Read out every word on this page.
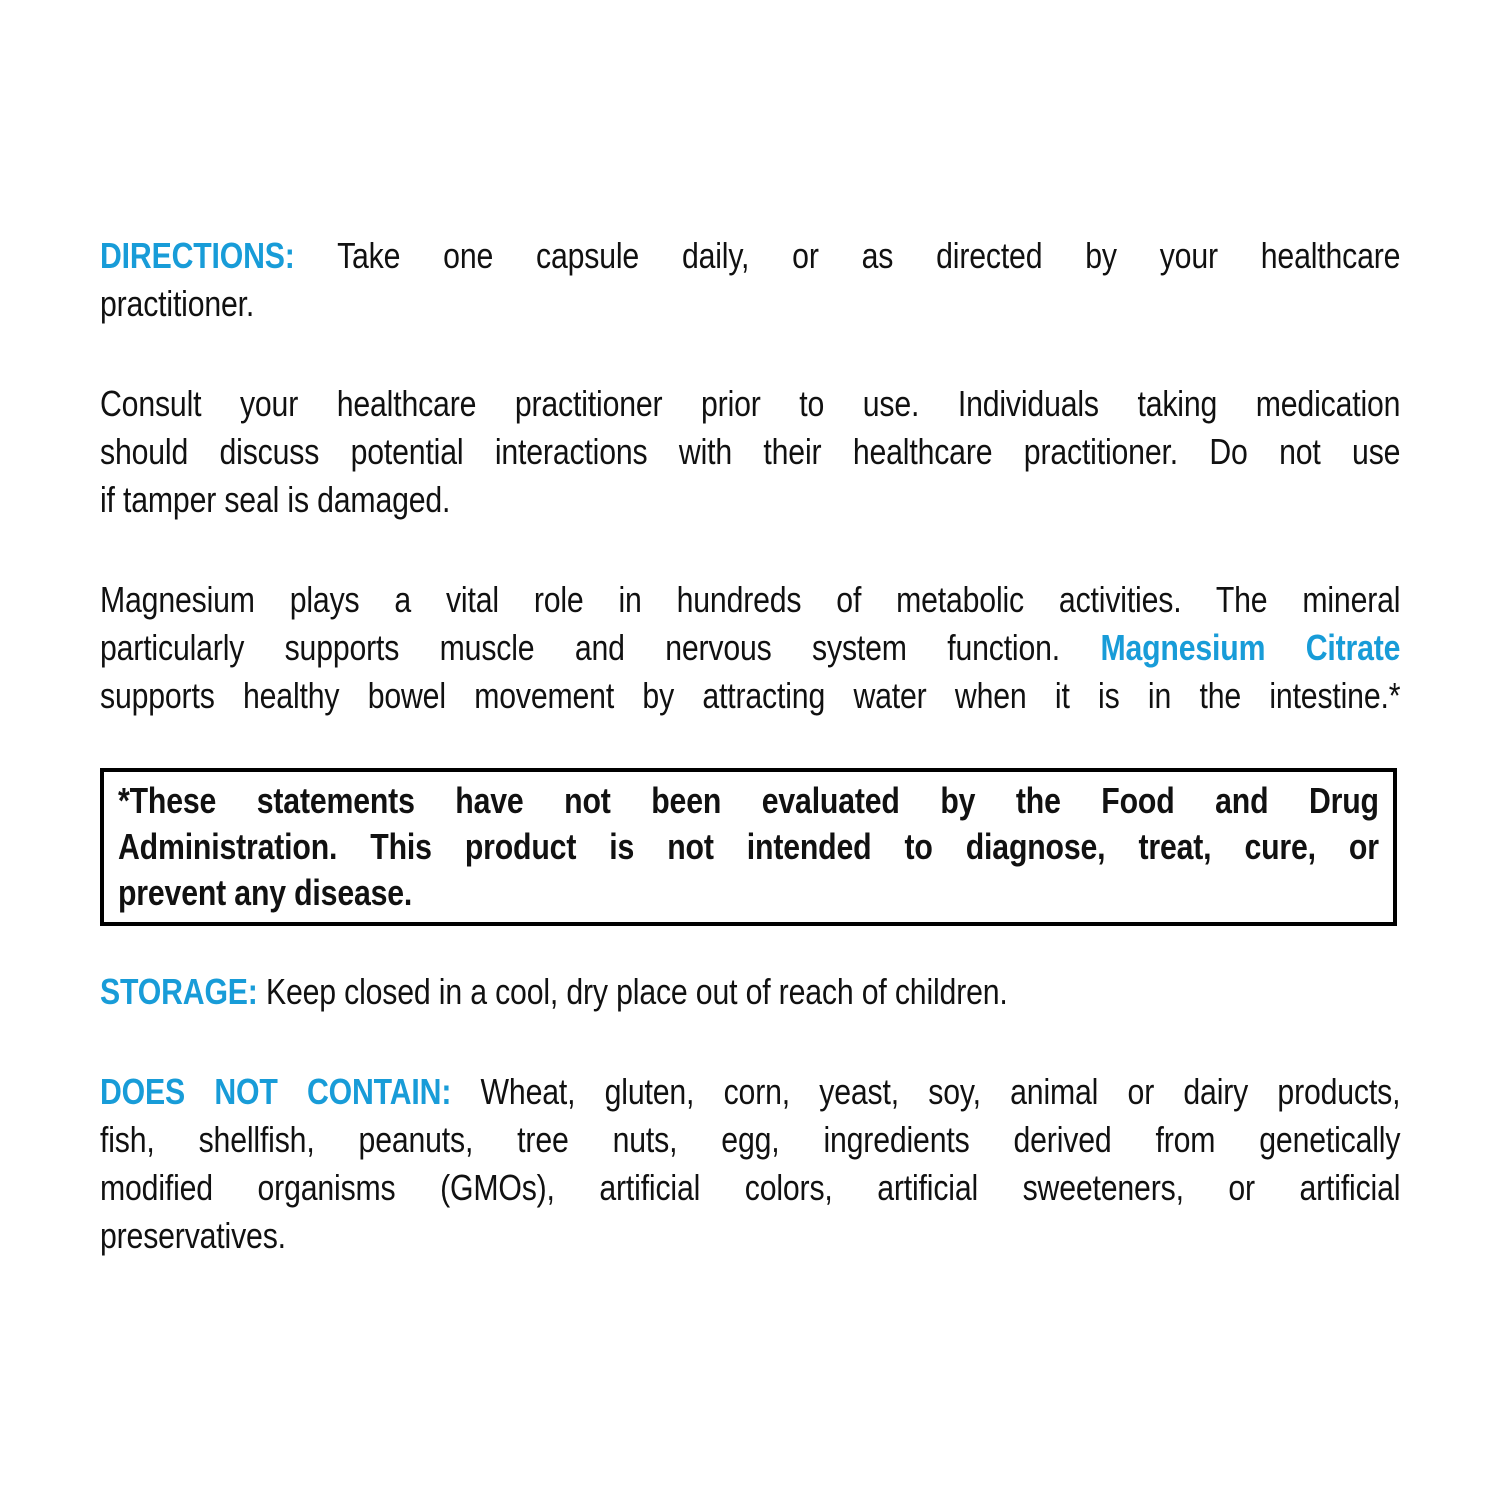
DIRECTIONS: Take one capsule daily, or as directed by your healthcare
practitioner.
Consult your healthcare practitioner prior to use. Individuals taking medication
should discuss potential interactions with their healthcare practitioner. Do not use
if tamper seal is damaged.
Magnesium plays a vital role in hundreds of metabolic activities. The mineral
particularly supports muscle and nervous system function. Magnesium Citrate
supports healthy bowel movement by attracting water when it is in the intestine.*
*These statements have not been evaluated by the Food and Drug
Administration. This product is not intended to diagnose, treat, cure, or
prevent any disease.
STORAGE: Keep closed in a cool, dry place out of reach of children.
DOES NOT CONTAIN: Wheat, gluten, corn, yeast, soy, animal or dairy products,
fish, shellfish, peanuts, tree nuts, egg, ingredients derived from genetically
modified organisms (GMOs), artificial colors, artificial sweeteners, or artificial
preservatives.
